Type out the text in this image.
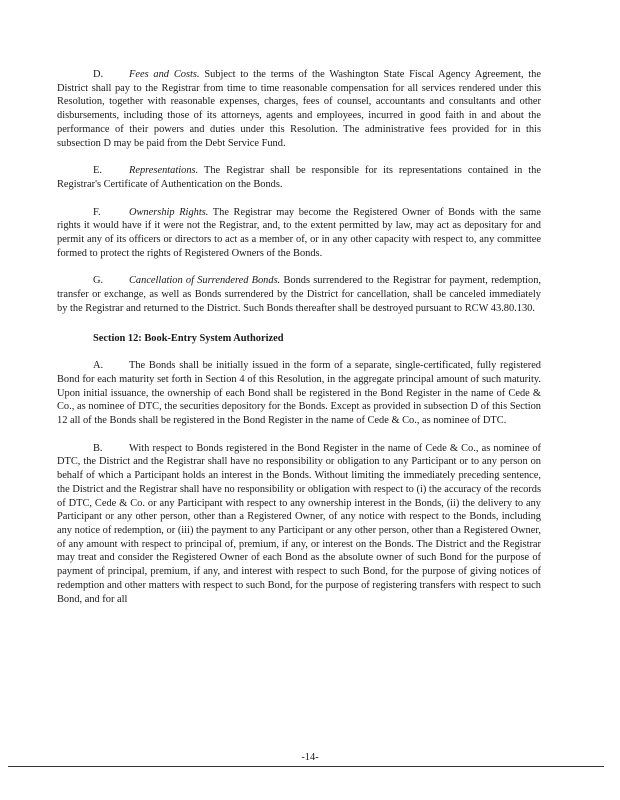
D. Fees and Costs. Subject to the terms of the Washington State Fiscal Agency Agreement, the District shall pay to the Registrar from time to time reasonable compensation for all services rendered under this Resolution, together with reasonable expenses, charges, fees of counsel, accountants and consultants and other disbursements, including those of its attorneys, agents and employees, incurred in good faith in and about the performance of their powers and duties under this Resolution. The administrative fees provided for in this subsection D may be paid from the Debt Service Fund.

E.	Representations. The Registrar shall be responsible for its representations contained in the Registrar's Certificate of Authentication on the Bonds.

F.	Ownership Rights. The Registrar may become the Registered Owner of Bonds with the same rights it would have if it were not the Registrar, and, to the extent permitted by law, may act as depositary for and permit any of its officers or directors to act as a member of, or in any other capacity with respect to, any committee formed to protect the rights of Registered Owners of the Bonds.

G. Cancellation of Surrendered Bonds. Bonds surrendered to the Registrar for payment, redemption, transfer or exchange, as well as Bonds surrendered by the District for cancellation, shall be canceled immediately by the Registrar and returned to the District. Such Bonds thereafter shall be destroyed pursuant to RCW 43.80.130.

Section 12: Book-Entry System Authorized

A. The Bonds shall be initially issued in the form of a separate, single-certificated, fully registered Bond for each maturity set forth in Section 4 of this Resolution, in the aggregate principal amount of such maturity. Upon initial issuance, the ownership of each Bond shall be registered in the Bond Register in the name of Cede & Co., as nominee of DTC, the securities depository for the Bonds. Except as provided in subsection D of this Section 12 all of the Bonds shall be registered in the Bond Register in the name of Cede & Co., as nominee of DTC.

B.	With respect to Bonds registered in the Bond Register in the name of Cede & Co., as nominee of DTC, the District and the Registrar shall have no responsibility or obligation to any Participant or to any person on behalf of which a Participant holds an interest in the Bonds. Without limiting the immediately preceding sentence, the District and the Registrar shall have no responsibility or obligation with respect to (i) the accuracy of the records of DTC, Cede & Co. or any Participant with respect to any ownership interest in the Bonds, (ii) the delivery to any Participant or any other person, other than a Registered Owner, of any notice with respect to the Bonds, including any notice of redemption, or (iii) the payment to any Participant or any other person, other than a Registered Owner, of any amount with respect to principal of, premium, if any, or interest on the Bonds. The District and the Registrar may treat and consider the Registered Owner of each Bond as the absolute owner of such Bond for the purpose of payment of principal, premium, if any, and interest with respect to such Bond, for the purpose of giving notices of redemption and other matters with respect to such Bond, for the purpose of registering transfers with respect to such Bond, and for all

-14-
